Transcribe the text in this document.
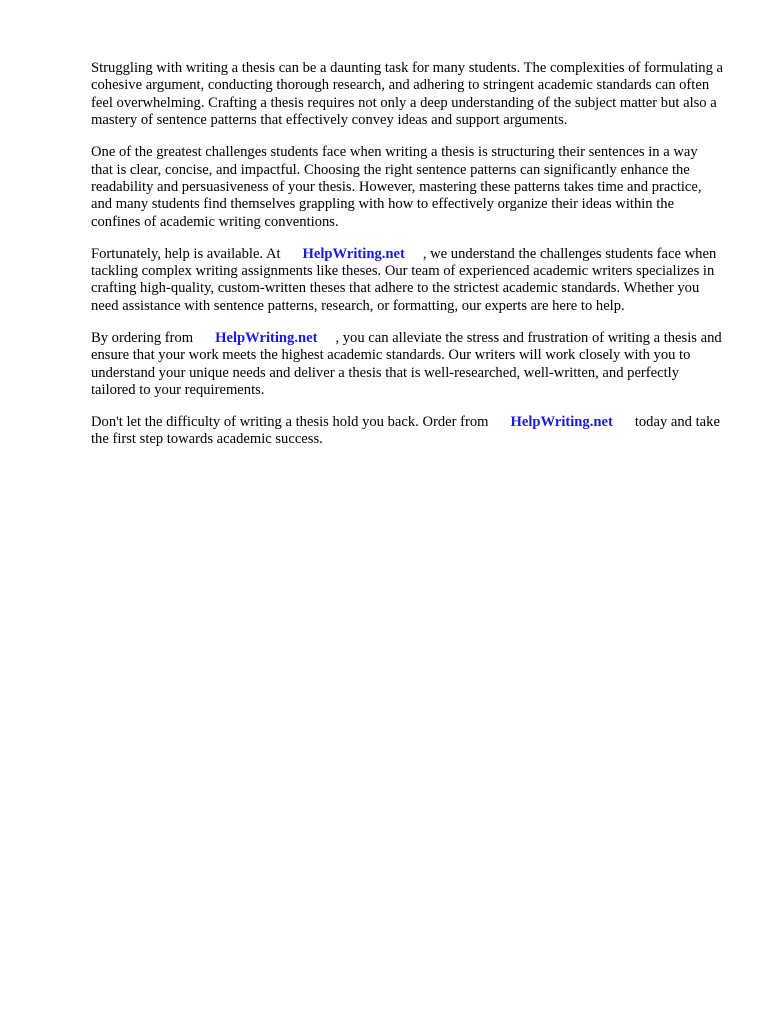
Struggling with writing a thesis can be a daunting task for many students. The complexities of formulating a cohesive argument, conducting thorough research, and adhering to stringent academic standards can often feel overwhelming. Crafting a thesis requires not only a deep understanding of the subject matter but also a mastery of sentence patterns that effectively convey ideas and support arguments.

One of the greatest challenges students face when writing a thesis is structuring their sentences in a way that is clear, concise, and impactful. Choosing the right sentence patterns can significantly enhance the readability and persuasiveness of your thesis. However, mastering these patterns takes time and practice, and many students find themselves grappling with how to effectively organize their ideas within the confines of academic writing conventions.

Fortunately, help is available. At HelpWriting.net , we understand the challenges students face when tackling complex writing assignments like theses. Our team of experienced academic writers specializes in crafting high-quality, custom-written theses that adhere to the strictest academic standards. Whether you need assistance with sentence patterns, research, or formatting, our experts are here to help.

By ordering from HelpWriting.net , you can alleviate the stress and frustration of writing a thesis and ensure that your work meets the highest academic standards. Our writers will work closely with you to understand your unique needs and deliver a thesis that is well-researched, well-written, and perfectly tailored to your requirements.

Don't let the difficulty of writing a thesis hold you back. Order from HelpWriting.net today and take the first step towards academic success.
